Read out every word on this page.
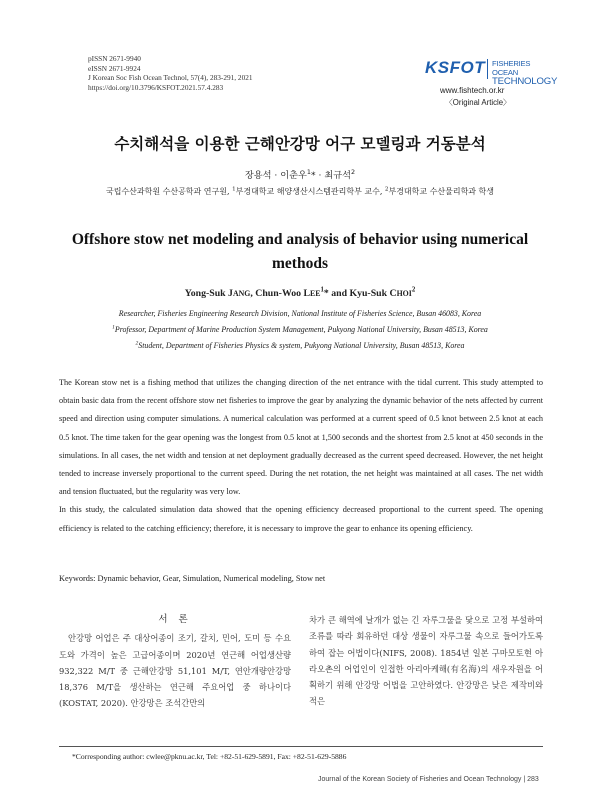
pISSN 2671-9940
eISSN 2671-9924
J Korean Soc Fish Ocean Technol, 57(4), 283-291, 2021
https://doi.org/10.3796/KSFOT.2021.57.4.283
KSFOT FISHERIES OCEAN
TECHNOLOGY
www.fishtech.or.kr
〈Original Article〉
수치해석을 이용한 근해안강망 어구 모델링과 거동분석
장용석 · 이춘우$^1$* · 최규석$^2$
국립수산과학원 수산공학과 연구원, $^1$부경대학교 해양생산시스템관리학부 교수, $^2$부경대학교 수산물리학과 학생
Offshore stow net modeling and analysis of behavior using numerical methods
Yong-Suk JANG, Chun-Woo LEE$^1$* and Kyu-Suk CHOI$^2$
Researcher, Fisheries Engineering Research Division, National Institute of Fisheries Science, Busan 46083, Korea
$^1$Professor, Department of Marine Production System Management, Pukyong National University, Busan 48513, Korea
$^2$Student, Department of Fisheries Physics & system, Pukyong National University, Busan 48513, Korea

The Korean stow net is a fishing method that utilizes the changing direction of the net entrance with the tidal current. This study attempted to obtain basic data from the recent offshore stow net fisheries to improve the gear by analyzing the dynamic behavior of the nets affected by current speed and direction using computer simulations. A numerical calculation was performed at a current speed of 0.5 knot between 2.5 knot at each 0.5 knot. The time taken for the gear opening was the longest from 0.5 knot at 1,500 seconds and the shortest from 2.5 knot at 450 seconds in the simulations. In all cases, the net width and tension at net deployment gradually decreased as the current speed decreased. However, the net height tended to increase inversely proportional to the current speed. During the net rotation, the net height was maintained at all cases. The net width and tension fluctuated, but the regularity was very low.

In this study, the calculated simulation data showed that the opening efficiency decreased proportional to the current speed. The opening efficiency is related to the catching efficiency; therefore, it is necessary to improve the gear to enhance its opening efficiency.

Keywords: Dynamic behavior, Gear, Simulation, Numerical modeling, Stow net
서 론

안강망 어업은 주 대상어종이 조기, 갈치, 민어, 도미 등 수요도와 가격이 높은 고급어종이며 2020년 연근해 어업생산량 932,322 M/T 중 근해안강망 51,101 M/T, 연안개량안강망 18,376 M/T을 생산하는 연근해 주요어업 중 하나이다(KOSTAT, 2020). 안강망은 조석간만의

차가 큰 해역에 날개가 없는 긴 자루그물을 닻으로 고정 부설하여 조류를 따라 회유하던 대상 생물이 자루그물 속으로 들어가도록 하여 잡는 어법이다(NIFS, 2008). 1854년 일본 구마모토현 아라오촌의 어업인이 인접한 아리아케해(有名海)의 새우자원을 어획하기 위해 안강망 어법을 고안하였다. 안강망은 낮은 제작비와 적은

*Corresponding author: cwlee@pknu.ac.kr, Tel: +82-51-629-5891, Fax: +82-51-629-5886
Journal of the Korean Society of Fisheries and Ocean Technology | 283
